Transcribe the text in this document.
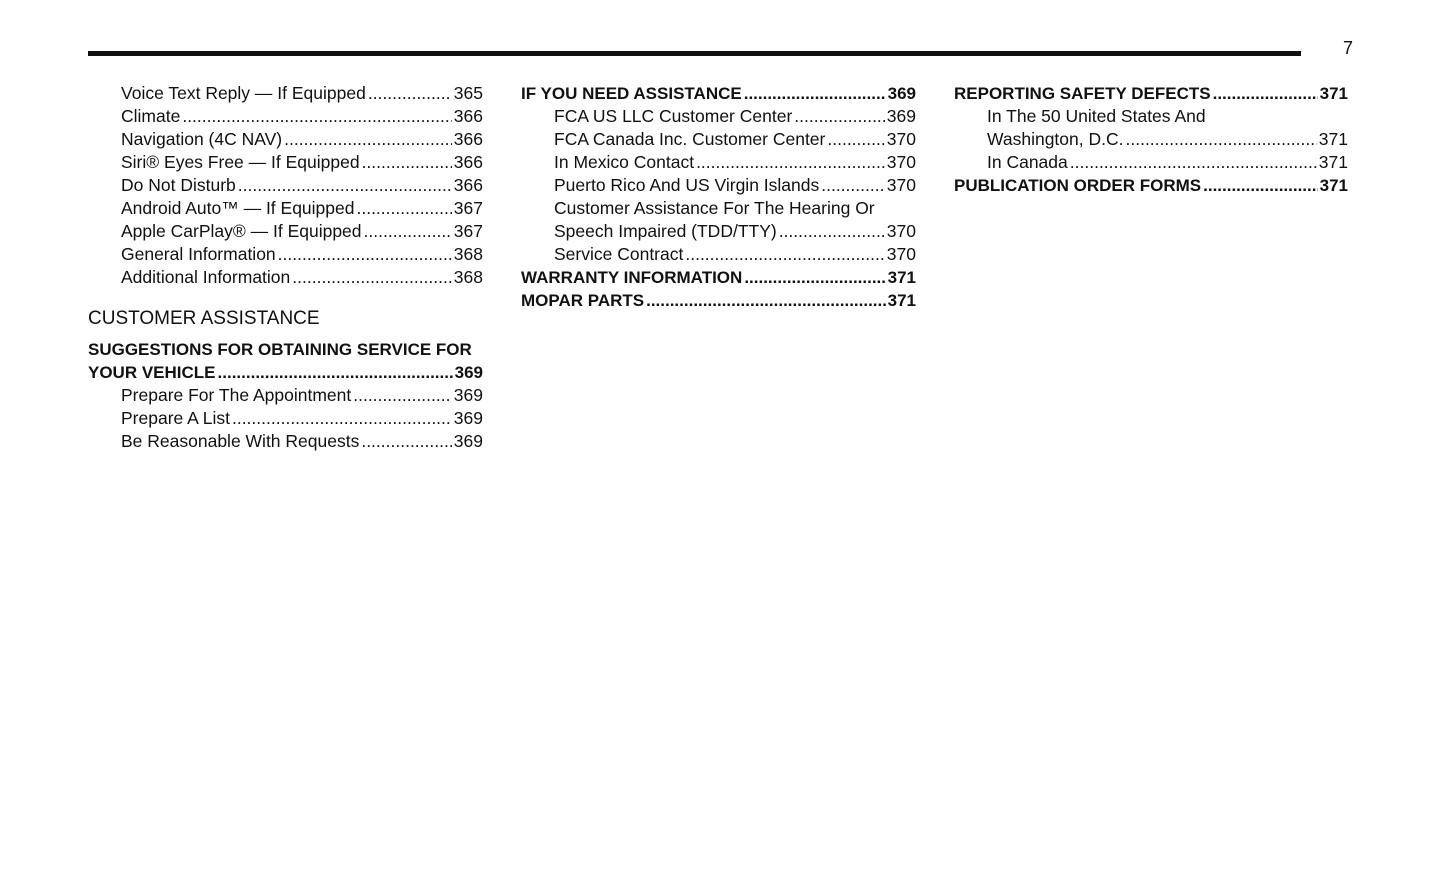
7
Voice Text Reply — If Equipped .....	365
Climate .....	366
Navigation (4C NAV) .....	366
Siri® Eyes Free — If Equipped .....	366
Do Not Disturb .....	366
Android Auto™ — If Equipped .....	367
Apple CarPlay® — If Equipped .....	367
General Information .....	368
Additional Information .....	368
CUSTOMER ASSISTANCE
SUGGESTIONS FOR OBTAINING SERVICE FOR
YOUR VEHICLE .....	369
Prepare For The Appointment .....	369
Prepare A List .....	369
Be Reasonable With Requests .....	369
IF YOU NEED ASSISTANCE .....	369
FCA US LLC Customer Center .....	369
FCA Canada Inc. Customer Center .....	370
In Mexico Contact .....	370
Puerto Rico And US Virgin Islands .....	370
Customer Assistance For The Hearing Or
Speech Impaired (TDD/TTY) .....	370
Service Contract .....	370
WARRANTY INFORMATION .....	371
MOPAR PARTS .....	371
REPORTING SAFETY DEFECTS .....	371
In The 50 United States And
Washington, D.C. .....	371
In Canada .....	371
PUBLICATION ORDER FORMS .....	371
